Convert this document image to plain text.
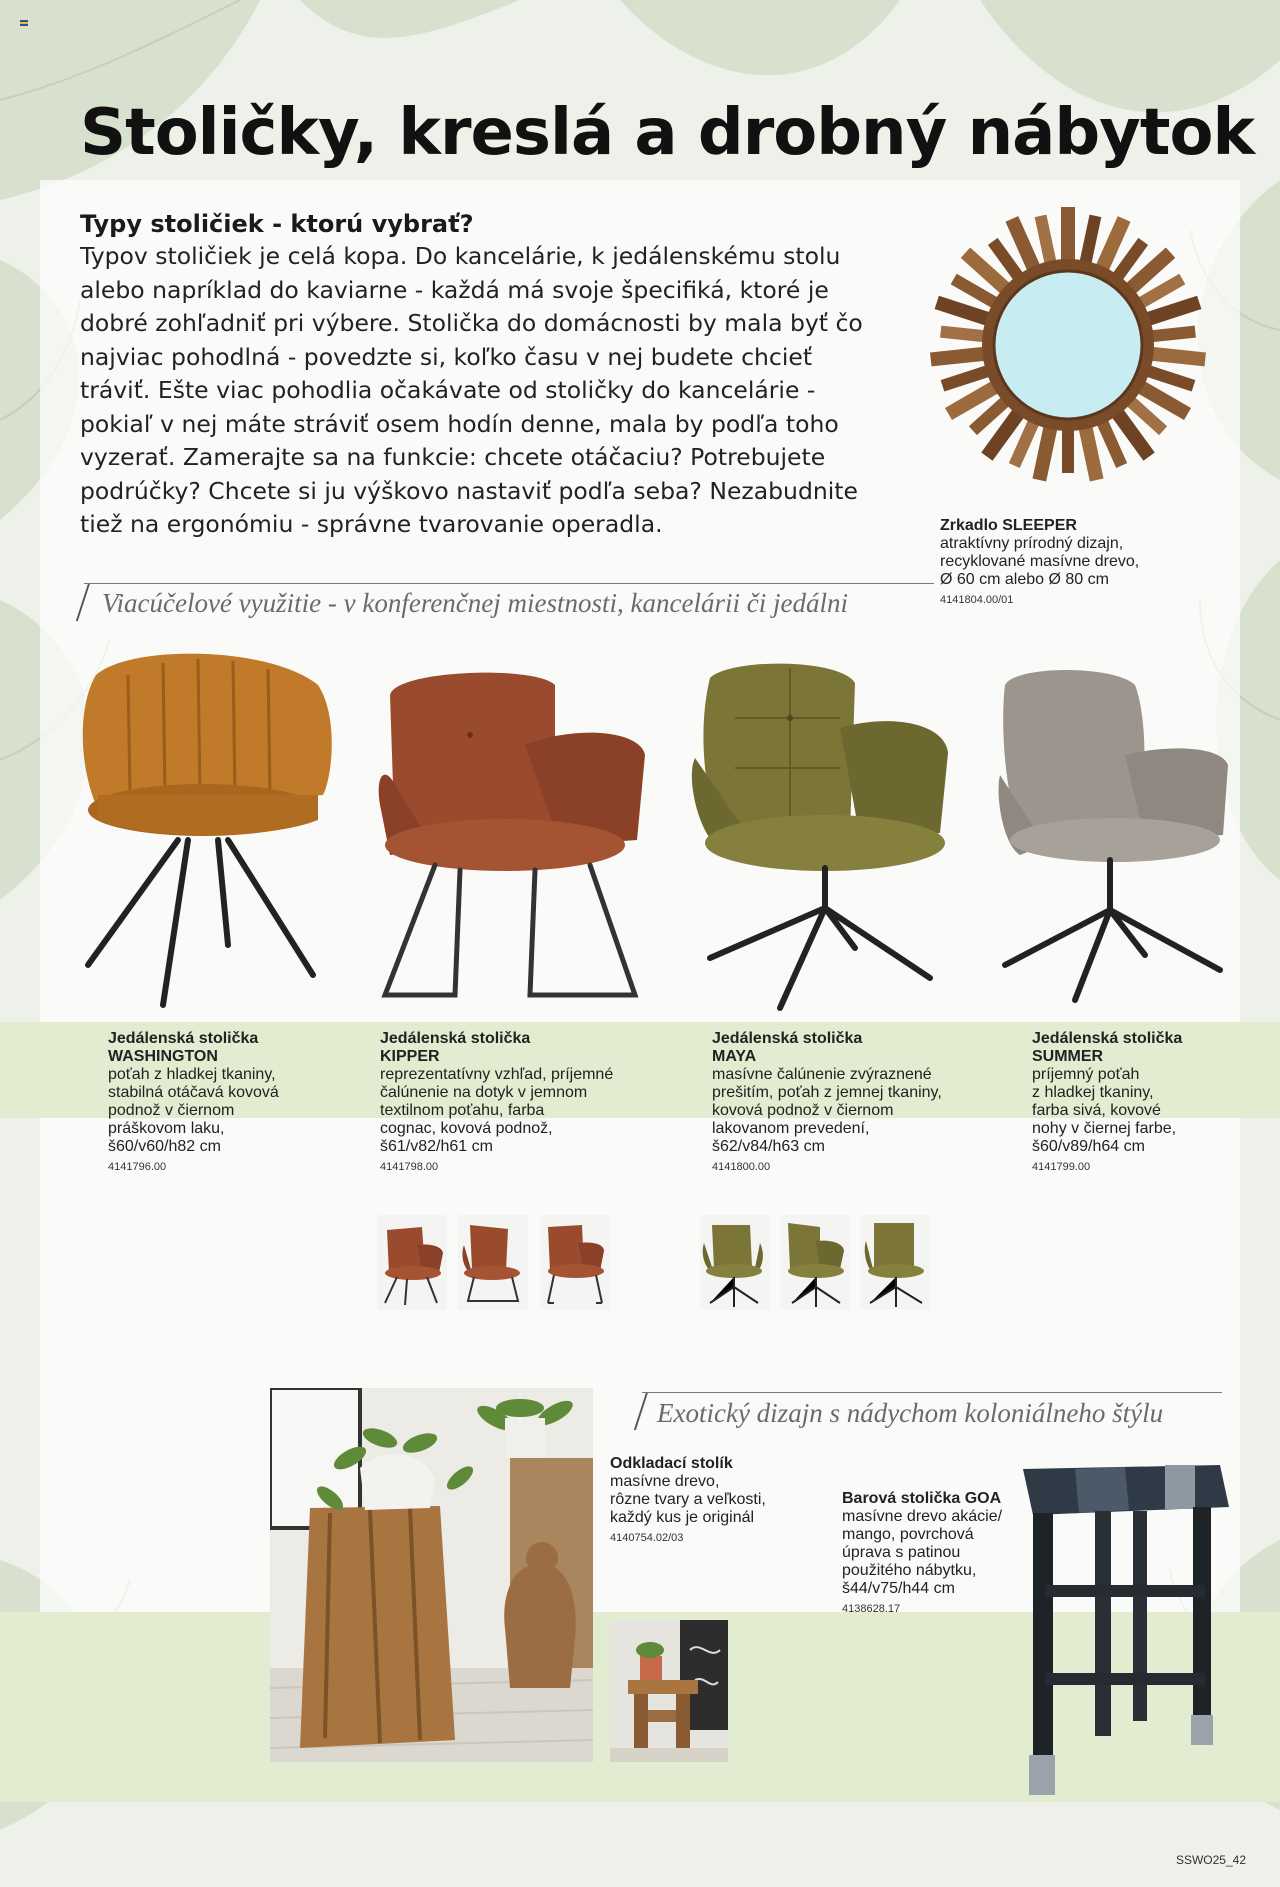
Stoličky, kreslá a drobný nábytok
Typy stoličiek - ktorú vybrať?

Typov stoličiek je celá kopa. Do kancelárie, k jedálenskému stolu alebo napríklad do kaviarne - každá má svoje špecifiká, ktoré je dobré zohľadniť pri výbere. Stolička do domácnosti by mala byť čo najviac pohodlná - povedzte si, koľko času v nej budete chcieť tráviť. Ešte viac pohodlia očakávate od stoličky do kancelárie - pokiaľ v nej máte stráviť osem hodín denne, mala by podľa toho vyzerať. Zamerajte sa na funkcie: chcete otáčaciu? Potrebujete podrúčky? Chcete si ju výškovo nastaviť podľa seba? Nezabudnite tiež na ergonómiu - správne tvarovanie operadla.	Zrkadlo SLEEPER
atraktívny prírodný dizajn,
recyklované masívne drevo,
Ø 60 cm alebo Ø 80 cm
4141804.00/01
Viacúčelové využitie - v konferenčnej miestnosti, kancelárii či jedálni
Jedálenská stolička
WASHINGTON
poťah z hladkej tkaniny,
stabilná otáčavá kovová
podnož v čiernom
práškovom laku,
š60/v60/h82 cm
4141796.00
Jedálenská stolička
KIPPER
reprezentatívny vzhľad, príjemné
čalúnenie na dotyk v jemnom
textilnom poťahu, farba
cognac, kovová podnož,
š61/v82/h61 cm
4141798.00
Jedálenská stolička
MAYA
masívne čalúnenie zvýraznené
prešitím, poťah z jemnej tkaniny,
kovová podnož v čiernom
lakovanom prevedení,
š62/v84/h63 cm
4141800.00
Jedálenská stolička
SUMMER
príjemný poťah
z hladkej tkaniny,
farba sivá, kovové
nohy v čiernej farbe,
š60/v89/h64 cm
4141799.00
Exotický dizajn s nádychom koloniálneho štýlu
Odkladací stolík
masívne drevo,
rôzne tvary a veľkosti,
každý kus je originál
4140754.02/03
Barová stolička GOA
masívne drevo akácie/
mango, povrchová
úprava s patinou
použitého nábytku,
š44/v75/h44 cm
4138628.17
SSWO25_42
